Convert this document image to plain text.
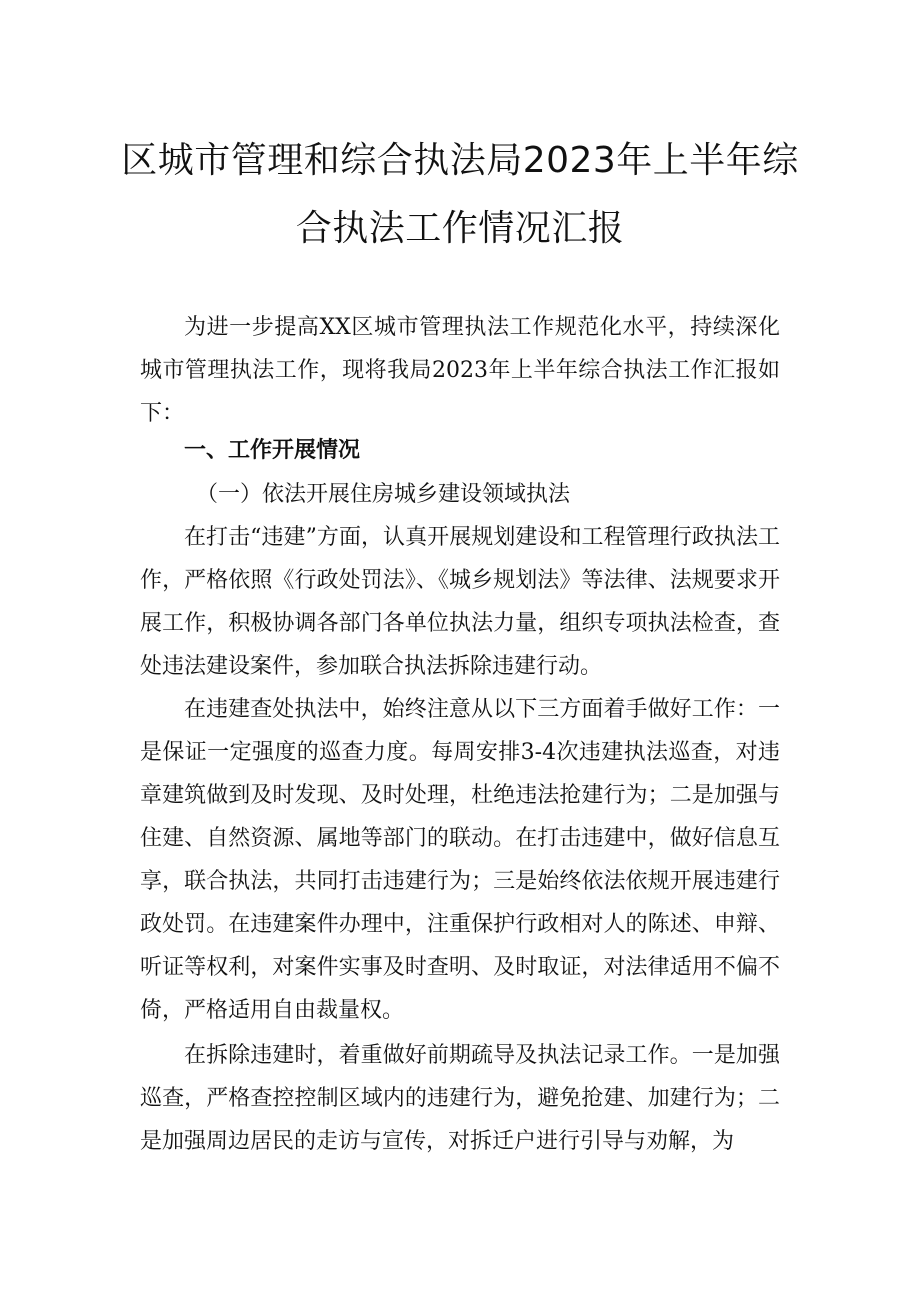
区城市管理和综合执法局2023年上半年综
合执法工作情况汇报

为进一步提高XX区城市管理执法工作规范化水平，持续深化城市管理执法工作，现将我局2023年上半年综合执法工作汇报如下：

一、工作开展情况

（一）依法开展住房城乡建设领域执法

在打击“违建”方面，认真开展规划建设和工程管理行政执法工作，严格依照《行政处罚法》、《城乡规划法》等法律、法规要求开展工作，积极协调各部门各单位执法力量，组织专项执法检查，查处违法建设案件，参加联合执法拆除违建行动。

在违建查处执法中，始终注意从以下三方面着手做好工作：一是保证一定强度的巡查力度。每周安排3-4次违建执法巡查，对违章建筑做到及时发现、及时处理，杜绝违法抢建行为；二是加强与住建、自然资源、属地等部门的联动。在打击违建中，做好信息互享，联合执法，共同打击违建行为；三是始终依法依规开展违建行政处罚。在违建案件办理中，注重保护行政相对人的陈述、申辩、听证等权利，对案件实事及时查明、及时取证，对法律适用不偏不倚，严格适用自由裁量权。

在拆除违建时，着重做好前期疏导及执法记录工作。一是加强巡查，严格查控控制区域内的违建行为，避免抢建、加建行为；二是加强周边居民的走访与宣传，对拆迁户进行引导与劝解，为
